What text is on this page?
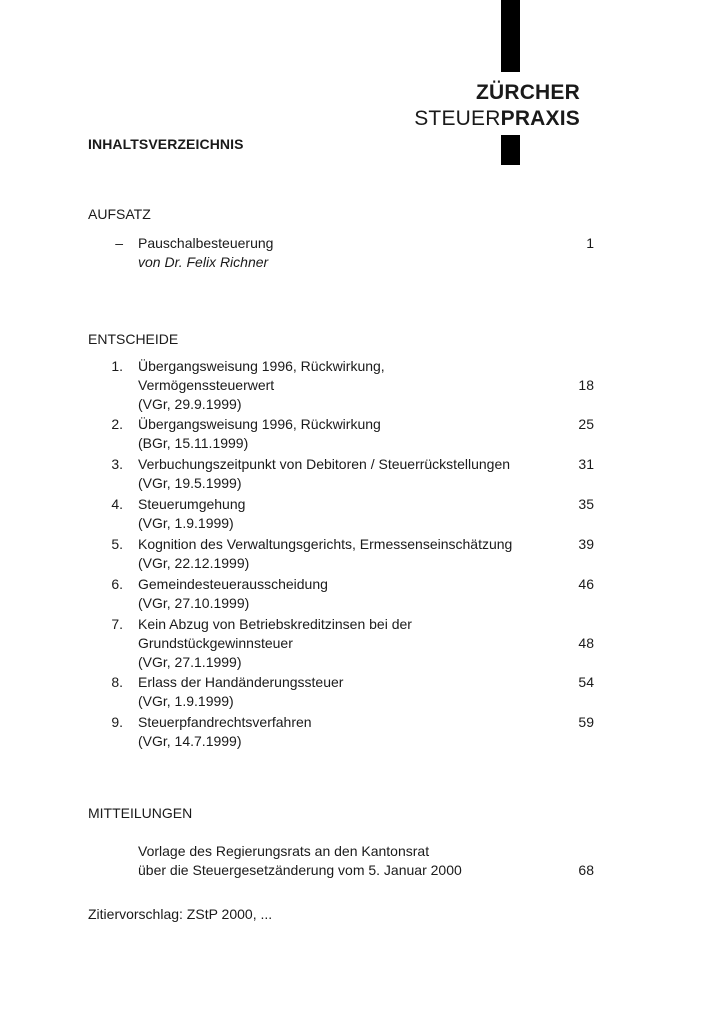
ZÜRCHER
STEUERPRAXIS
INHALTSVERZEICHNIS
AUFSATZ
– Pauschalbesteuerung
von Dr. Felix Richner
1
ENTSCHEIDE
1. Übergangsweisung 1996, Rückwirkung,
Vermögenssteuerwert
(VGr, 29.9.1999)
18
2. Übergangsweisung 1996, Rückwirkung
(BGr, 15.11.1999)
25
3. Verbuchungszeitpunkt von Debitoren / Steuerrückstellungen
(VGr, 19.5.1999)
31
4. Steuerumgehung
(VGr, 1.9.1999)
35
5. Kognition des Verwaltungsgerichts, Ermessenseinschätzung
(VGr, 22.12.1999)
39
6. Gemeindesteuerausscheidung
(VGr, 27.10.1999)
46
7. Kein Abzug von Betriebskreditzinsen bei der
Grundstückgewinnsteuer
(VGr, 27.1.1999)
48
8. Erlass der Handänderungssteuer
(VGr, 1.9.1999)
54
9. Steuerpfandrechtsverfahren
(VGr, 14.7.1999)
59
MITTEILUNGEN
Vorlage des Regierungsrats an den Kantonsrat
über die Steuergesetzänderung vom 5. Januar 2000	68
Zitiervorschlag: ZStP 2000, ...
